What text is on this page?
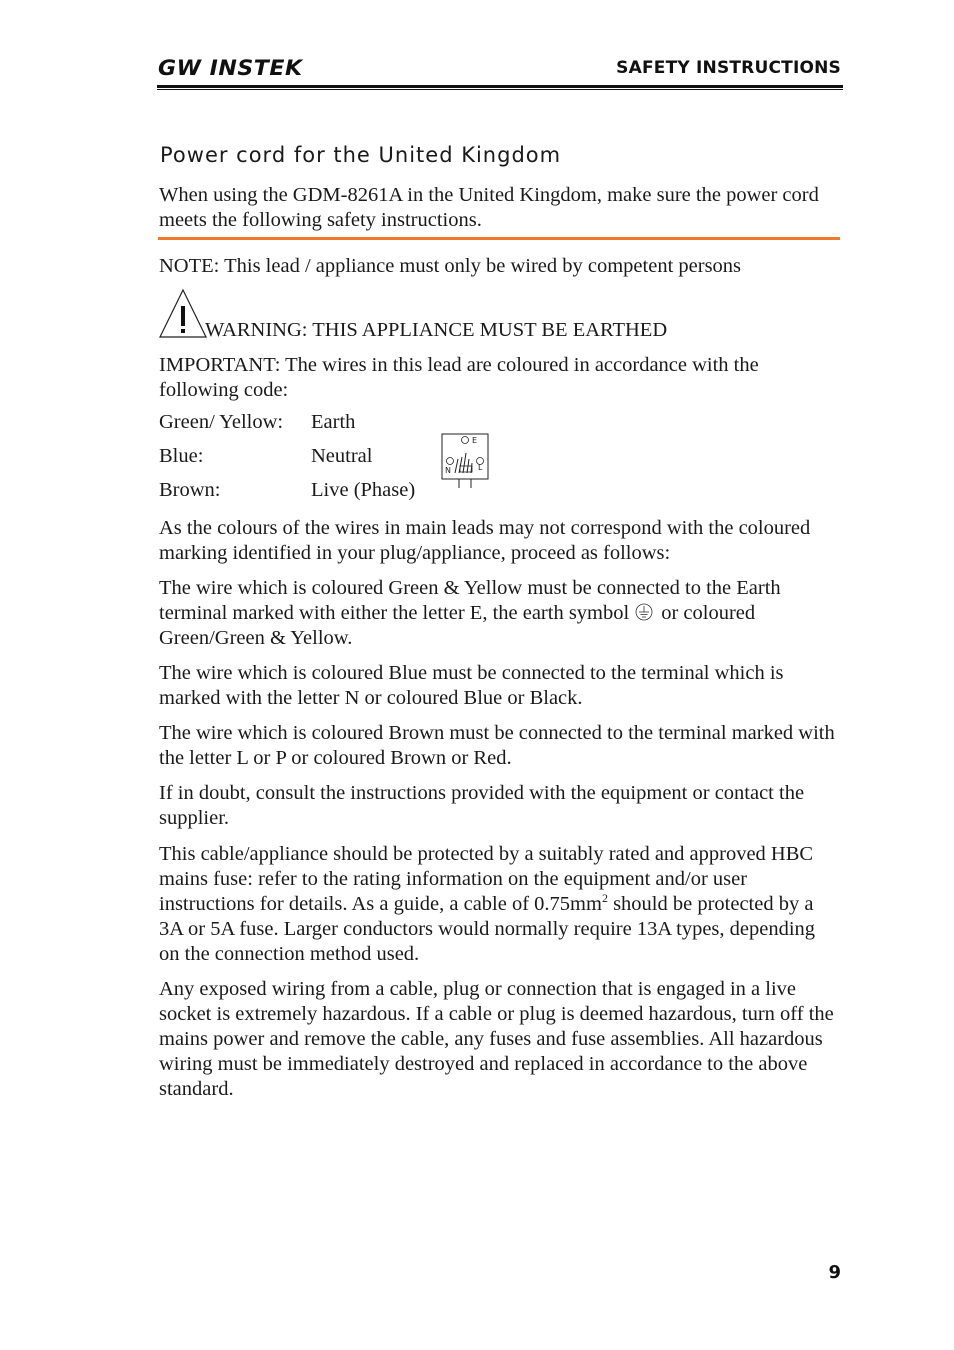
GW INSTEK	SAFETY INSTRUCTIONS
Power cord for the United Kingdom

When using the GDM-8261A in the United Kingdom, make sure the power cord meets the following safety instructions.

NOTE: This lead / appliance must only be wired by competent persons

WARNING: THIS APPLIANCE MUST BE EARTHED

IMPORTANT: The wires in this lead are coloured in accordance with the following code:

Green/ Yellow: Earth
Blue:	Neutral
Brown:	Live (Phase)
E
N	L

As the colours of the wires in main leads may not correspond with the coloured marking identified in your plug/appliance, proceed as follows:

The wire which is coloured Green & Yellow must be connected to the Earth terminal marked with either the letter E, the earth symbol or coloured Green/Green & Yellow.

The wire which is coloured Blue must be connected to the terminal which is marked with the letter N or coloured Blue or Black.

The wire which is coloured Brown must be connected to the terminal marked with the letter L or P or coloured Brown or Red.

If in doubt, consult the instructions provided with the equipment or contact the supplier.

This cable/appliance should be protected by a suitably rated and approved HBC mains fuse: refer to the rating information on the equipment and/or user instructions for details. As a guide, a cable of $0.75mm^2$ should be protected by a 3A or 5A fuse. Larger conductors would normally require 13A types, depending on the connection method used.

Any exposed wiring from a cable, plug or connection that is engaged in a live socket is extremely hazardous. If a cable or plug is deemed hazardous, turn off the mains power and remove the cable, any fuses and fuse assemblies. All hazardous wiring must be immediately destroyed and replaced in accordance to the above standard.

9
